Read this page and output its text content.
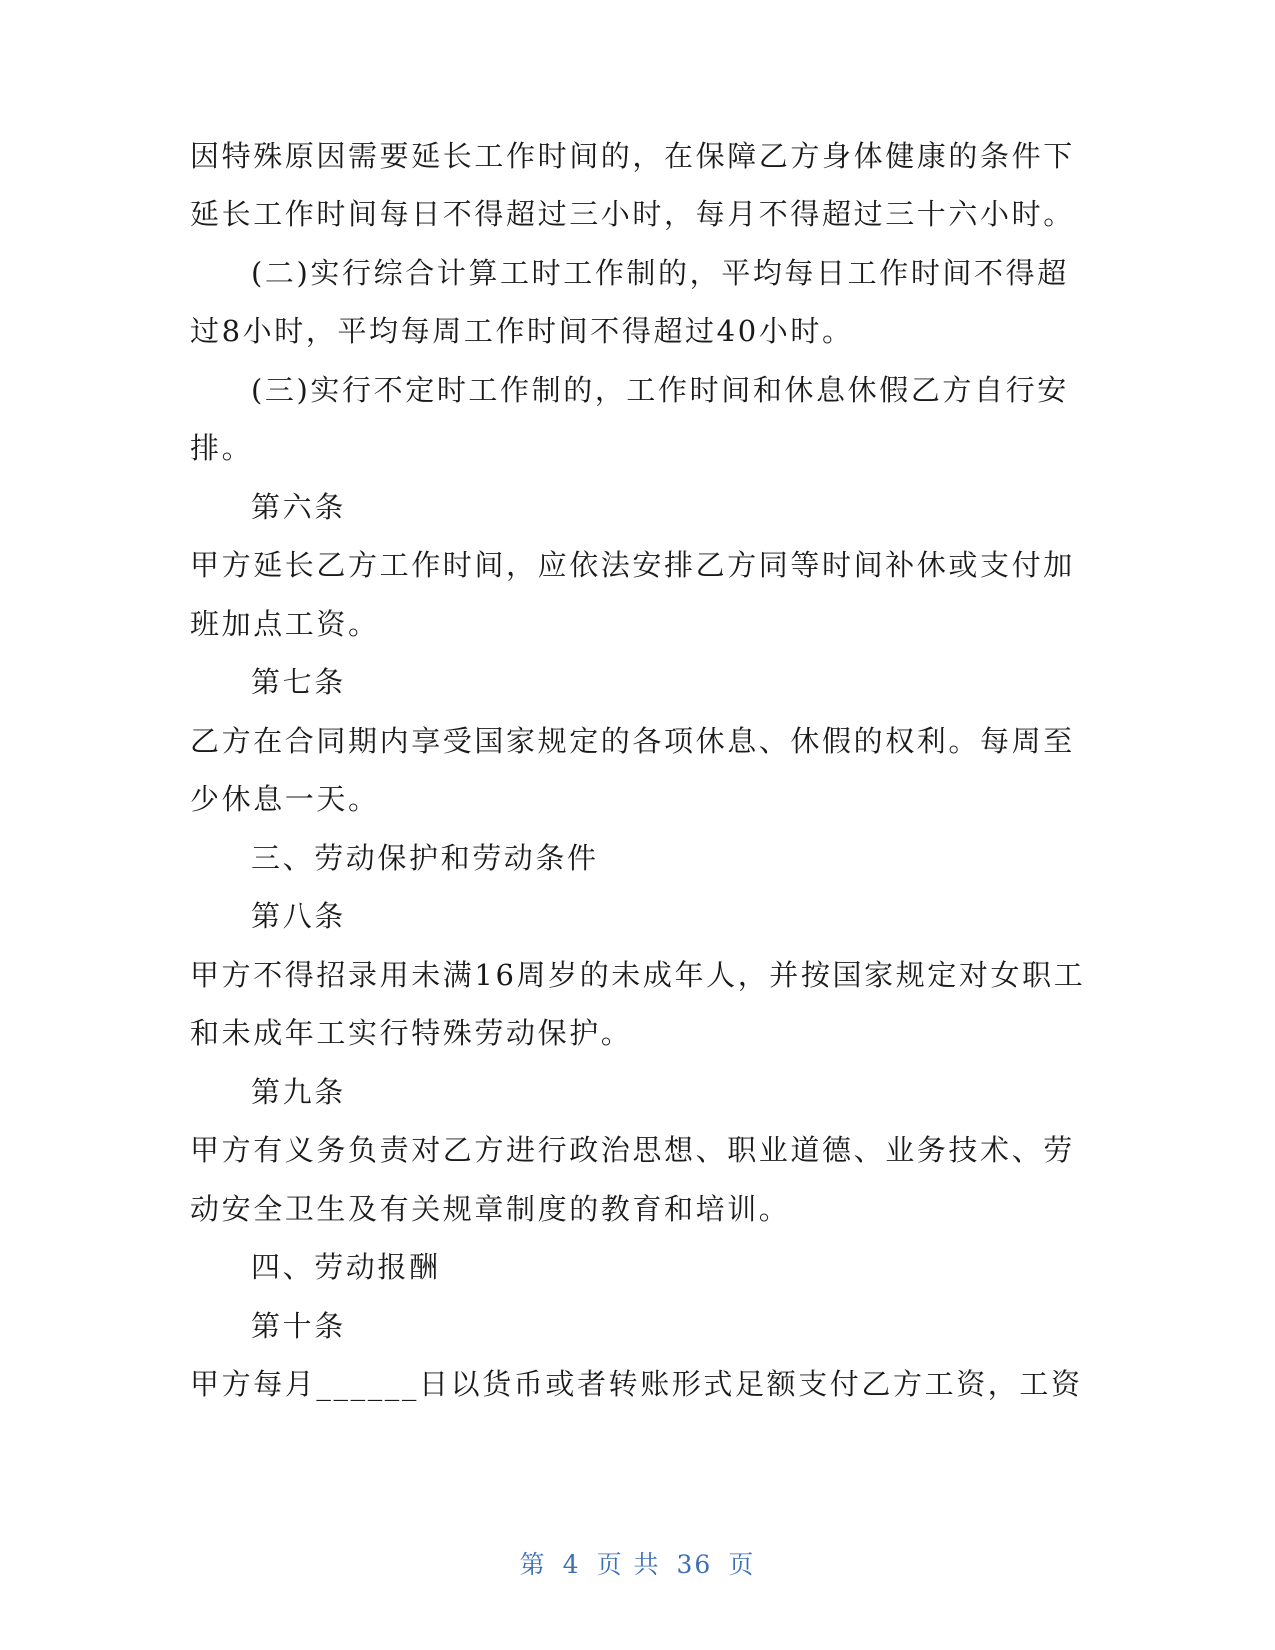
因特殊原因需要延长工作时间的，在保障乙方身体健康的条件下
延长工作时间每日不得超过三小时，每月不得超过三十六小时。
(二)实行综合计算工时工作制的，平均每日工作时间不得超
过8小时，平均每周工作时间不得超过40小时。
(三)实行不定时工作制的，工作时间和休息休假乙方自行安
排。
第六条
甲方延长乙方工作时间，应依法安排乙方同等时间补休或支付加
班加点工资。
第七条
乙方在合同期内享受国家规定的各项休息、休假的权利。每周至
少休息一天。
三、劳动保护和劳动条件
第八条
甲方不得招录用未满16周岁的未成年人，并按国家规定对女职工
和未成年工实行特殊劳动保护。
第九条
甲方有义务负责对乙方进行政治思想、职业道德、业务技术、劳
动安全卫生及有关规章制度的教育和培训。
四、劳动报酬
第十条
甲方每月______日以货币或者转账形式足额支付乙方工资，工资
第 4 页 共 36 页
